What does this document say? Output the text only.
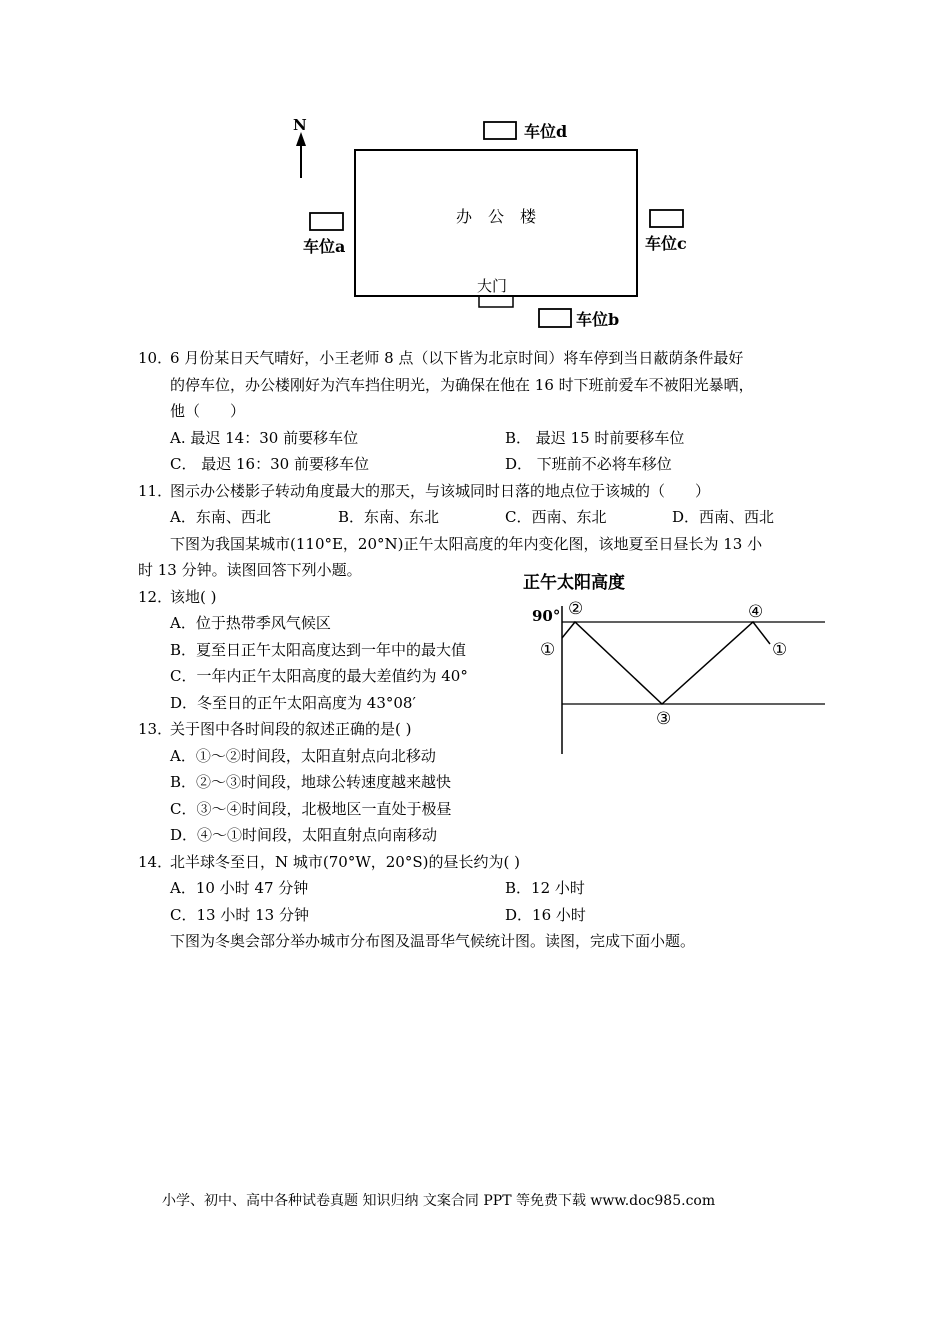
N
办　公　楼
大门
车位d
车位a
车位b
车位c
10．
6 月份某日天气晴好，小王老师 8 点（以下皆为北京时间）将车停到当日蔽荫条件最好
的停车位，办公楼刚好为汽车挡住明光，为确保在他在 16 时下班前爱车不被阳光暴晒，
他（　　）
A. 最迟 14：30 前要移车位	B． 最迟 15 时前要移车位
C． 最迟 16：30 前要移车位	D． 下班前不必将车移位
11．
图示办公楼影子转动角度最大的那天，与该城同时日落的地点位于该城的（　　）
A．东南、西北	B．东南、东北	C．西南、东北	D．西南、西北
下图为我国某城市(110°E，20°N)正午太阳高度的年内变化图，该地夏至日昼长为 13 小
时 13 分钟。读图回答下列小题。
正午太阳高度
90°
①
②
③
④
①
12．
该地( )
A．位于热带季风气候区
B．夏至日正午太阳高度达到一年中的最大值
C．一年内正午太阳高度的最大差值约为 40°
D．冬至日的正午太阳高度为 43°08′
13．
关于图中各时间段的叙述正确的是( )
A．①～②时间段，太阳直射点向北移动
B．②～③时间段，地球公转速度越来越快
C．③～④时间段，北极地区一直处于极昼
D．④～①时间段，太阳直射点向南移动
14．
北半球冬至日，N 城市(70°W，20°S)的昼长约为( )
A．10 小时 47 分钟	B．12 小时
C．13 小时 13 分钟	D．16 小时
下图为冬奥会部分举办城市分布图及温哥华气候统计图。读图，完成下面小题。
小学、初中、高中各种试卷真题 知识归纳 文案合同 PPT 等免费下载 www.doc985.com
